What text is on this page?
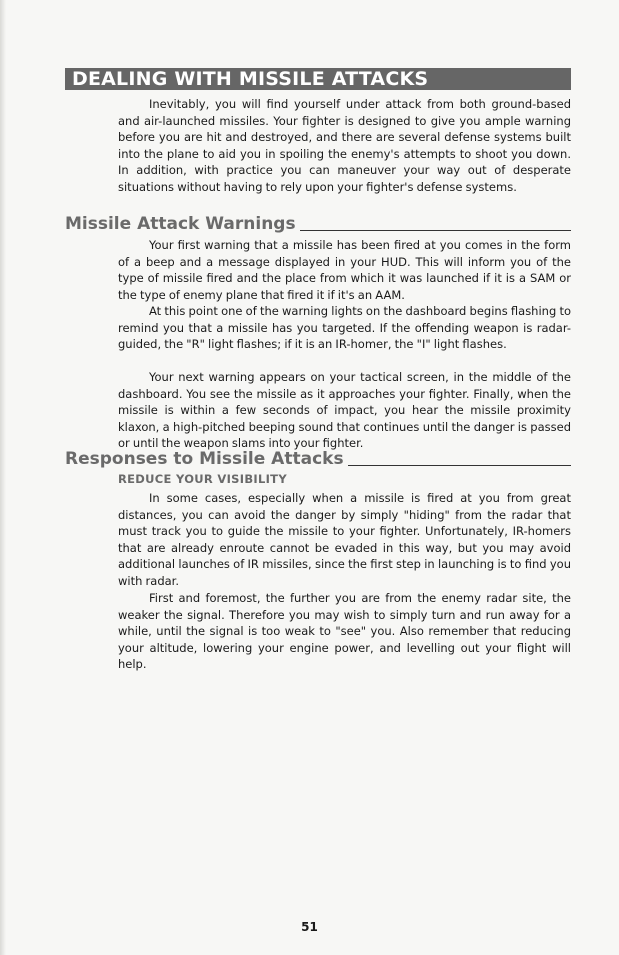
DEALING WITH MISSILE ATTACKS

Inevitably, you will find yourself under attack from both ground-based and air-launched missiles. Your fighter is designed to give you ample warning before you are hit and destroyed, and there are several defense systems built into the plane to aid you in spoiling the enemy's attempts to shoot you down. In addition, with practice you can maneuver your way out of desperate situations without having to rely upon your fighter's defense systems.

Missile Attack Warnings

Your first warning that a missile has been fired at you comes in the form of a beep and a message displayed in your HUD. This will inform you of the type of missile fired and the place from which it was launched if it is a SAM or the type of enemy plane that fired it if it's an AAM.

At this point one of the warning lights on the dashboard begins flashing to remind you that a missile has you targeted. If the offending weapon is radar-guided, the "R" light flashes; if it is an IR-homer, the "I" light flashes.

Your next warning appears on your tactical screen, in the middle of the dashboard. You see the missile as it approaches your fighter. Finally, when the missile is within a few seconds of impact, you hear the missile proximity klaxon, a high-pitched beeping sound that continues until the danger is passed or until the weapon slams into your fighter.

Responses to Missile Attacks
REDUCE YOUR VISIBILITY

In some cases, especially when a missile is fired at you from great distances, you can avoid the danger by simply "hiding" from the radar that must track you to guide the missile to your fighter. Unfortunately, IR-homers that are already enroute cannot be evaded in this way, but you may avoid additional launches of IR missiles, since the first step in launching is to find you with radar.

First and foremost, the further you are from the enemy radar site, the weaker the signal. Therefore you may wish to simply turn and run away for a while, until the signal is too weak to "see" you. Also remember that reducing your altitude, lowering your engine power, and levelling out your flight will help.

51
